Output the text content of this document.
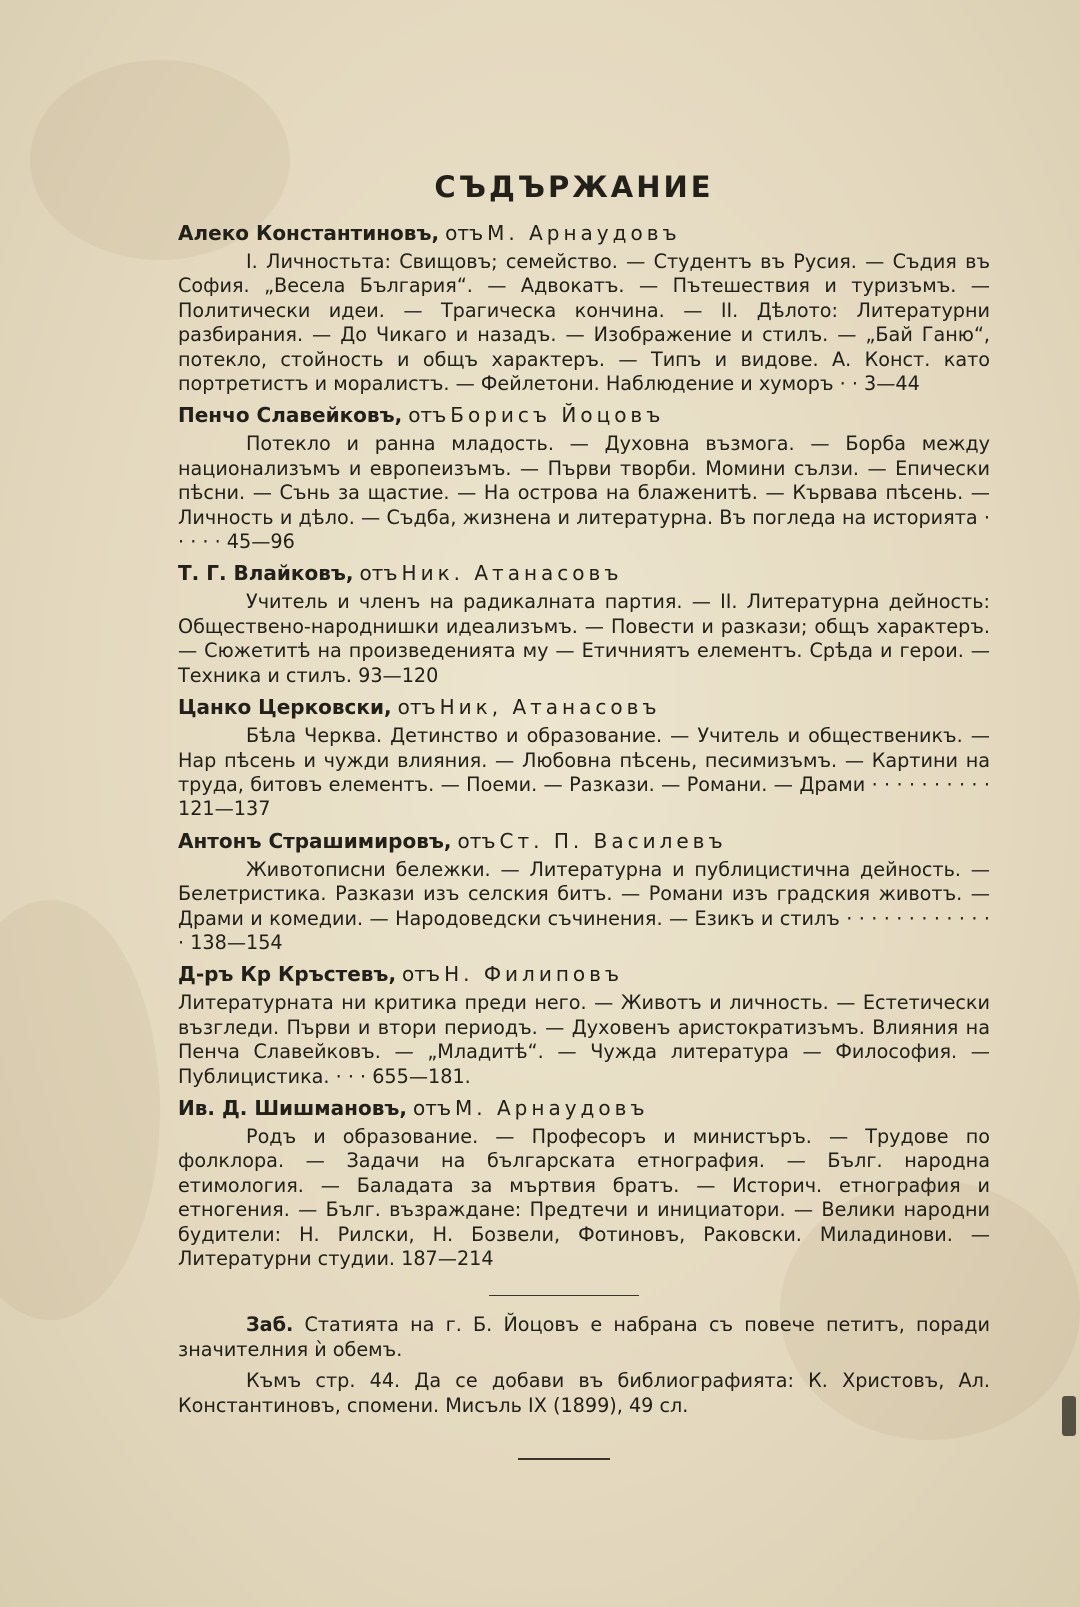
СЪДЪРЖАНИЕ
Алеко Константиновъ, отъ М. Арнаудовъ

I. Личностьта: Свищовъ; семейство. — Студентъ въ Русия. — Съдия въ София. „Весела България“. — Адвокатъ. — Пътешествия и туризъмъ. — Политически идеи. — Трагическа кончина. — II. Дѣлото: Литературни разбирания. — До Чикаго и назадъ. — Изображение и стилъ. — „Бай Ганю“, потекло, стойность и общъ характеръ. — Типъ и видове. А. Конст. като портретистъ и моралистъ. — Фейлетони. Наблюдение и хуморъ · · 3—44

Пенчо Славейковъ, отъ Борисъ Йоцовъ

Потекло и ранна младость. — Духовна възмога. — Борба между национализъмъ и европеизъмъ. — Първи творби. Момини сълзи. — Епически пѣсни. — Сънь за щастие. — На острова на блаженитѣ. — Кървава пѣсень. — Личность и дѣло. — Съдба, жизнена и литературна. Въ погледа на историята · · · · · 45—96

Т. Г. Влайковъ, отъ Ник. Атанасовъ

Учитель и членъ на радикалната партия. — II. Литературна дейность: Обществено-народнишки идеализъмъ. — Повести и разкази; общъ характеръ. — Сюжетитѣ на произведенията му — Етичниятъ елементъ. Срѣда и герои. — Техника и стилъ. 93—120

Цанко Церковски, отъ Ник, Атанасовъ

Бѣла Черква. Детинство и образование. — Учитель и общественикъ. — Нар пѣсень и чужди влияния. — Любовна пѣсень, песимизъмъ. — Картини на труда, битовъ елементъ. — Поеми. — Разкази. — Романи. — Драми · · · · · · · · · · 121—137

Антонъ Страшимировъ, отъ Ст. П. Василевъ

Животописни бележки. — Литературна и публицистична дейность. — Белетристика. Разкази изъ селския битъ. — Романи изъ градския животъ. — Драми и комедии. — Народоведски съчинения. — Езикъ и стилъ · · · · · · · · · · · · · 138—154

Д-ръ Кр Кръстевъ, отъ Н. Филиповъ

Литературната ни критика преди него. — Животъ и личность. — Естетически възгледи. Първи и втори периодъ. — Духовенъ аристократизъмъ. Влияния на Пенча Славейковъ. — „Младитѣ“. — Чужда литература — Философия. — Публицистика. · · · 655—181.

Ив. Д. Шишмановъ, отъ М. Арнаудовъ

Родъ и образование. — Професоръ и министъръ. — Трудове по фолклора. — Задачи на българската етнография. — Бълг. народна етимология. — Баладата за мъртвия братъ. — Историч. етнография и етногения. — Бълг. възраждане: Предтечи и инициатори. — Велики народни будители: Н. Рилски, Н. Бозвели, Фотиновъ, Раковски. Миладинови. — Литературни студии. 187—214

Заб. Статията на г. Б. Йоцовъ е набрана съ повече петитъ, поради значителния ѝ обемъ.

Къмъ стр. 44. Да се добави въ библиографията: К. Христовъ, Ал. Константиновъ, спомени. Мисъль IX (1899), 49 сл.
